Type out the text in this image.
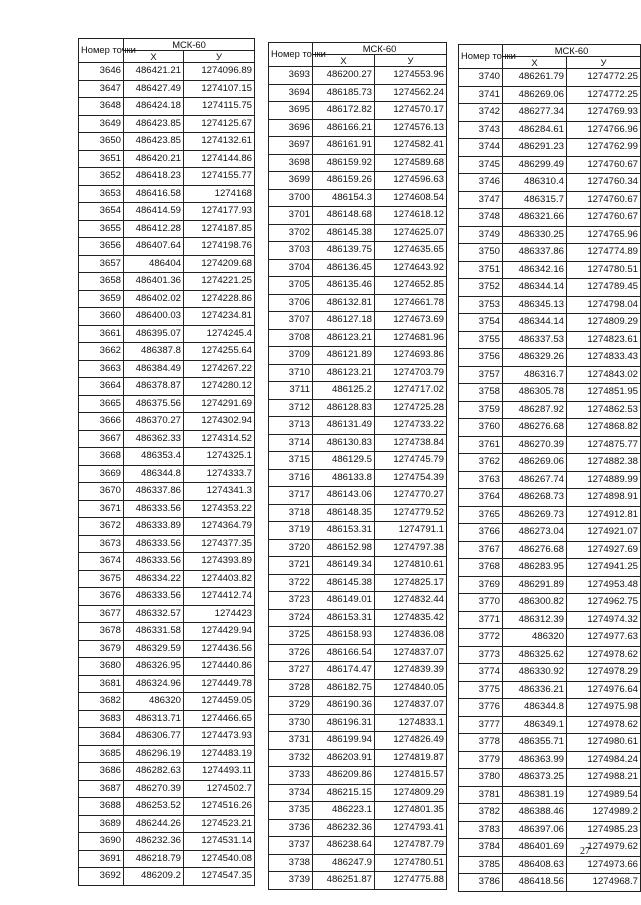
Номер точки	МСК-60	
	X	У
3646	486421.21	1274096.89
3647	486427.49	1274107.15
3648	486424.18	1274115.75
3649	486423.85	1274125.67
3650	486423.85	1274132.61
3651	486420.21	1274144.86
3652	486418.23	1274155.77
3653	486416.58	1274168
3654	486414.59	1274177.93
3655	486412.28	1274187.85
3656	486407.64	1274198.76
3657	486404	1274209.68
3658	486401.36	1274221.25
3659	486402.02	1274228.86
3660	486400.03	1274234.81
3661	486395.07	1274245.4
3662	486387.8	1274255.64
3663	486384.49	1274267.22
3664	486378.87	1274280.12
3665	486375.56	1274291.69
3666	486370.27	1274302.94
3667	486362.33	1274314.52
3668	486353.4	1274325.1
3669	486344.8	1274333.7
3670	486337.86	1274341.3
3671	486333.56	1274353.22
3672	486333.89	1274364.79
3673	486333.56	1274377.35
3674	486333.56	1274393.89
3675	486334.22	1274403.82
3676	486333.56	1274412.74
3677	486332.57	1274423
3678	486331.58	1274429.94
3679	486329.59	1274436.56
3680	486326.95	1274440.86
3681	486324.96	1274449.78
3682	486320	1274459.05
3683	486313.71	1274466.65
3684	486306.77	1274473.93
3685	486296.19	1274483.19
3686	486282.63	1274493.11
3687	486270.39	1274502.7
3688	486253.52	1274516.26
3689	486244.26	1274523.21
3690	486232.36	1274531.14
3691	486218.79	1274540.08
3692	486209.2	1274547.35
Номер точки	МСК-60	
	X	У
3693	486200.27	1274553.96
3694	486185.73	1274562.24
3695	486172.82	1274570.17
3696	486166.21	1274576.13
3697	486161.91	1274582.41
3698	486159.92	1274589.68
3699	486159.26	1274596.63
3700	486154.3	1274608.54
3701	486148.68	1274618.12
3702	486145.38	1274625.07
3703	486139.75	1274635.65
3704	486136.45	1274643.92
3705	486135.46	1274652.85
3706	486132.81	1274661.78
3707	486127.18	1274673.69
3708	486123.21	1274681.96
3709	486121.89	1274693.86
3710	486123.21	1274703.79
3711	486125.2	1274717.02
3712	486128.83	1274725.28
3713	486131.49	1274733.22
3714	486130.83	1274738.84
3715	486129.5	1274745.79
3716	486133.8	1274754.39
3717	486143.06	1274770.27
3718	486148.35	1274779.52
3719	486153.31	1274791.1
3720	486152.98	1274797.38
3721	486149.34	1274810.61
3722	486145.38	1274825.17
3723	486149.01	1274832.44
3724	486153.31	1274835.42
3725	486158.93	1274836.08
3726	486166.54	1274837.07
3727	486174.47	1274839.39
3728	486182.75	1274840.05
3729	486190.36	1274837.07
3730	486196.31	1274833.1
3731	486199.94	1274826.49
3732	486203.91	1274819.87
3733	486209.86	1274815.57
3734	486215.15	1274809.29
3735	486223.1	1274801.35
3736	486232.36	1274793.41
3737	486238.64	1274787.79
3738	486247.9	1274780.51
3739	486251.87	1274775.88
Номер точки	МСК-60	
	X	У
3740	486261.79	1274772.25
3741	486269.06	1274772.25
3742	486277.34	1274769.93
3743	486284.61	1274766.96
3744	486291.23	1274762.99
3745	486299.49	1274760.67
3746	486310.4	1274760.34
3747	486315.7	1274760.67
3748	486321.66	1274760.67
3749	486330.25	1274765.96
3750	486337.86	1274774.89
3751	486342.16	1274780.51
3752	486344.14	1274789.45
3753	486345.13	1274798.04
3754	486344.14	1274809.29
3755	486337.53	1274823.61
3756	486329.26	1274833.43
3757	486316.7	1274843.02
3758	486305.78	1274851.95
3759	486287.92	1274862.53
3760	486276.68	1274868.82
3761	486270.39	1274875.77
3762	486269.06	1274882.38
3763	486267.74	1274889.99
3764	486268.73	1274898.91
3765	486269.73	1274912.81
3766	486273.04	1274921.07
3767	486276.68	1274927.69
3768	486283.95	1274941.25
3769	486291.89	1274953.48
3770	486300.82	1274962.75
3771	486312.39	1274974.32
3772	486320	1274977.63
3773	486325.62	1274978.62
3774	486330.92	1274978.29
3775	486336.21	1274976.64
3776	486344.8	1274975.98
3777	486349.1	1274978.62
3778	486355.71	1274980.61
3779	486363.99	1274984.24
3780	486373.25	1274988.21
3781	486381.19	1274989.54
3782	486388.46	1274989.2
3783	486397.06	1274985.23
3784	486401.69	1274979.62
3785	486408.63	1274973.66
3786	486418.56	1274968.7
27
